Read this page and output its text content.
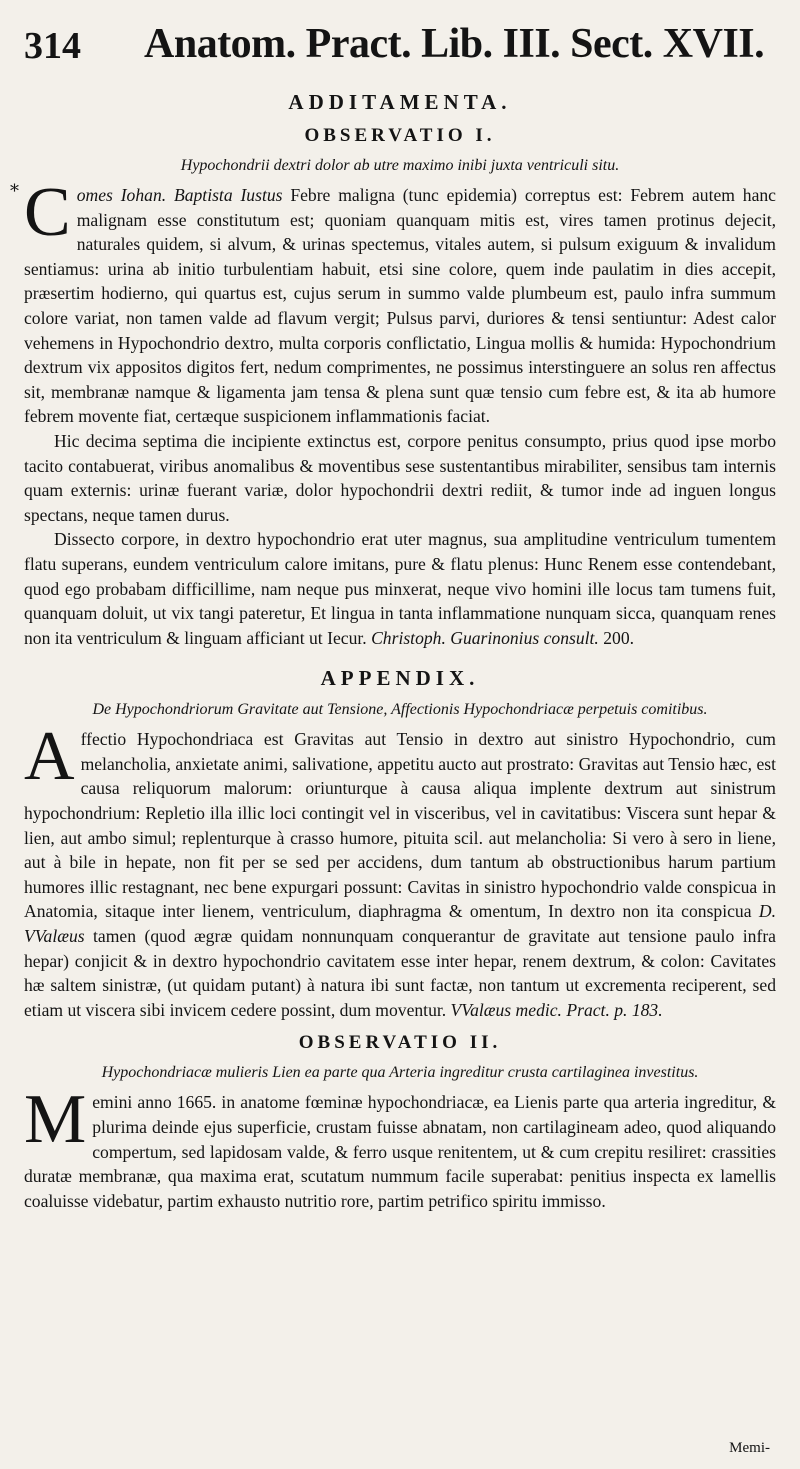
314 Anatom. Pract. Lib. III. Sect. XVII.
ADDITAMENTA.
OBSERVATIO I.

Hypochondrii dextri dolor ab utre maximo inibi juxta ventriculi situ.

* Comes Iohan. Baptista Iustus Febre maligna (tunc epidemia) correptus est: Febrem autem hanc malignam esse constitutum est; quoniam quanquam mitis est, vires tamen protinus dejecit, naturales quidem, si alvum, & urinas spectemus, vitales autem, si pulsum exiguum & invalidum sentiamus: urina ab initio turbulentiam habuit, etsi sine colore, quem inde paulatim in dies accepit, præsertim hodierno, qui quartus est, cujus serum in summo valde plumbeum est, paulo infra summum colore variat, non tamen valde ad flavum vergit; Pulsus parvi, duriores & tensi sentiuntur: Adest calor vehemens in Hypochondrio dextro, multa corporis conflictatio, Lingua mollis & humida: Hypochondrium dextrum vix appositos digitos fert, nedum comprimentes, ne possimus interstinguere an solus ren affectus sit, membranæ namque & ligamenta jam tensa & plena sunt quæ tensio cum febre est, & ita ab humore febrem movente fiat, certæque suspicionem inflammationis faciat.

Hic decima septima die incipiente extinctus est, corpore penitus consumpto, prius quod ipse morbo tacito contabuerat, viribus anomalibus & moventibus sese sustentantibus mirabiliter, sensibus tam internis quam externis: urinæ fuerant variæ, dolor hypochondrii dextri rediit, & tumor inde ad inguen longus spectans, neque tamen durus.

Dissecto corpore, in dextro hypochondrio erat uter magnus, sua amplitudine ventriculum tumentem flatu superans, eundem ventriculum calore imitans, pure & flatu plenus: Hunc Renem esse contendebant, quod ego probabam difficillime, nam neque pus minxerat, neque vivo homini ille locus tam tumens fuit, quanquam doluit, ut vix tangi pateretur, Et lingua in tanta inflammatione nunquam sicca, quanquam renes non ita ventriculum & linguam afficiant ut Iecur. Christoph. Guarinonius consult. 200.

APPENDIX.

De Hypochondriorum Gravitate aut Tensione, Affectionis Hypochondriacæ perpetuis comitibus.

Affectio Hypochondriaca est Gravitas aut Tensio in dextro aut sinistro Hypochondrio, cum melancholia, anxietate animi, salivatione, appetitu aucto aut prostrato: Gravitas aut Tensio hæc, est causa reliquorum malorum: oriunturque à causa aliqua implente dextrum aut sinistrum hypochondrium: Repletio illa illic loci contingit vel in visceribus, vel in cavitatibus: Viscera sunt hepar & lien, aut ambo simul; replenturque à crasso humore, pituita scil. aut melancholia: Si vero à sero in liene, aut à bile in hepate, non fit per se sed per accidens, dum tantum ab obstructionibus harum partium humores illic restagnant, nec bene expurgari possunt: Cavitas in sinistro hypochondrio valde conspicua in Anatomia, sitaque inter lienem, ventriculum, diaphragma & omentum, In dextro non ita conspicua D. VValæus tamen (quod ægræ quidam nonnunquam conquerantur de gravitate aut tensione paulo infra hepar) conjicit & in dextro hypochondrio cavitatem esse inter hepar, renem dextrum, & colon: Cavitates hæ saltem sinistræ, (ut quidam putant) à natura ibi sunt factæ, non tantum ut excrementa reciperent, sed etiam ut viscera sibi invicem cedere possint, dum moventur. VValæus medic. Pract. p. 183.

OBSERVATIO II.

Hypochondriacæ mulieris Lien ea parte qua Arteria ingreditur crusta cartilaginea investitus.

Memini anno 1665. in anatome fœminæ hypochondriacæ, ea Lienis parte qua arteria ingreditur, & plurima deinde ejus superficie, crustam fuisse abnatam, non cartilagineam adeo, quod aliquando compertum, sed lapidosam valde, & ferro usque renitentem, ut & cum crepitu resiliret: crassities duratæ membranæ, qua maxima erat, scutatum nummum facile superabat: penitius inspecta ex lamellis coaluisse videbatur, partim exhausto nutritio rore, partim petrifico spiritu immisso.

Memi-
